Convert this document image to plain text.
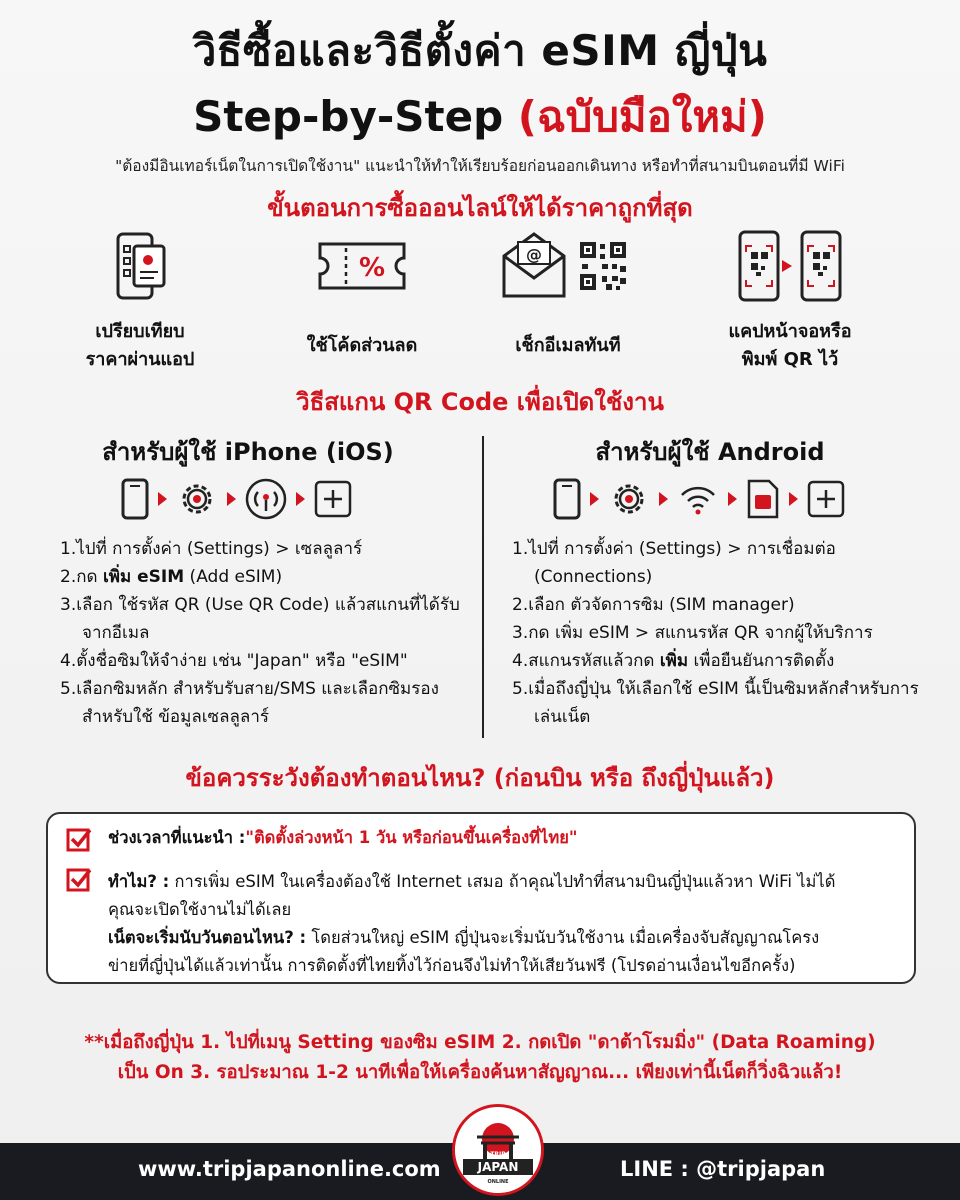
วิธีซื้อและวิธีตั้งค่า eSIM ญี่ปุ่น
Step-by-Step (ฉบับมือใหม่)
"ต้องมีอินเทอร์เน็ตในการเปิดใช้งาน" แนะนำให้ทำให้เรียบร้อยก่อนออกเดินทาง หรือทำที่สนามบินตอนที่มี WiFi
ขั้นตอนการซื้อออนไลน์ให้ได้ราคาถูกที่สุด
เปรียบเทียบ
ราคาผ่านแอป
%
ใช้โค้ดส่วนลด
@
เช็กอีเมลทันที
แคปหน้าจอหรือ
พิมพ์ QR ไว้
วิธีสแกน QR Code เพื่อเปิดใช้งาน
สำหรับผู้ใช้ iPhone (iOS)
1.ไปที่ การตั้งค่า (Settings) > เซลลูลาร์
2.กด เพิ่ม eSIM (Add eSIM)
3.เลือก ใช้รหัส QR (Use QR Code) แล้วสแกนที่ได้รับจากอีเมล
4.ตั้งชื่อซิมให้จำง่าย เช่น "Japan" หรือ "eSIM"
5.เลือกซิมหลัก สำหรับรับสาย/SMS และเลือกซิมรอง สำหรับใช้ ข้อมูลเซลลูลาร์
สำหรับผู้ใช้ Android
1.ไปที่ การตั้งค่า (Settings) > การเชื่อมต่อ (Connections)
2.เลือก ตัวจัดการซิม (SIM manager)
3.กด เพิ่ม eSIM > สแกนรหัส QR จากผู้ให้บริการ
4.สแกนรหัสแล้วกด เพิ่ม เพื่อยืนยันการติดตั้ง
5.เมื่อถึงญี่ปุ่น ให้เลือกใช้ eSIM นี้เป็นซิมหลักสำหรับการเล่นเน็ต
ข้อควรระวังต้องทำตอนไหน? (ก่อนบิน หรือ ถึงญี่ปุ่นแล้ว)
ช่วงเวลาที่แนะนำ :"ติดตั้งล่วงหน้า 1 วัน หรือก่อนขึ้นเครื่องที่ไทย"
ทำไม? : การเพิ่ม eSIM ในเครื่องต้องใช้ Internet เสมอ ถ้าคุณไปทำที่สนามบินญี่ปุ่นแล้วหา WiFi ไม่ได้
คุณจะเปิดใช้งานไม่ได้เลย
เน็ตจะเริ่มนับวันตอนไหน? : โดยส่วนใหญ่ eSIM ญี่ปุ่นจะเริ่มนับวันใช้งาน เมื่อเครื่องจับสัญญาณโครง
ข่ายที่ญี่ปุ่นได้แล้วเท่านั้น การติดตั้งที่ไทยทิ้งไว้ก่อนจึงไม่ทำให้เสียวันฟรี (โปรดอ่านเงื่อนไขอีกครั้ง)
**เมื่อถึงญี่ปุ่น 1. ไปที่เมนู Setting ของซิม eSIM 2. กดเปิด "ดาต้าโรมมิ่ง" (Data Roaming)
เป็น On 3. รอประมาณ 1-2 นาทีเพื่อให้เครื่องค้นหาสัญญาณ... เพียงเท่านี้เน็ตก็วิ่งฉิวแล้ว!
www.tripjapanonline.com	LINE : @tripjapan
TRIP
JAPAN
ONLINE
